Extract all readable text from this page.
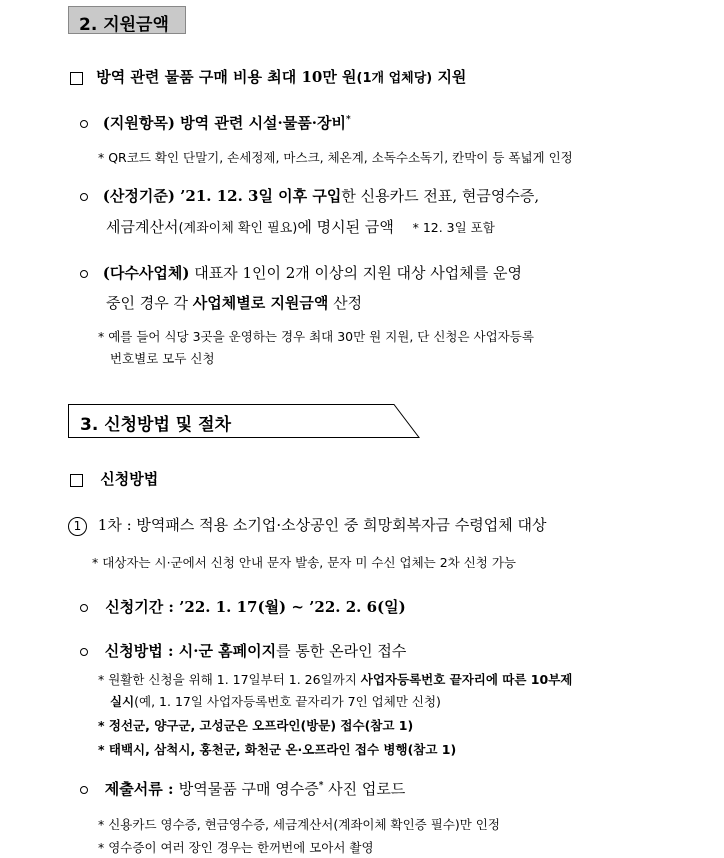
2. 지원금액
방역 관련 물품 구매 비용 최대 10만 원(1개 업체당) 지원
(지원항목) 방역 관련 시설·물품·장비*
* QR코드 확인 단말기, 손세정제, 마스크, 체온계, 소독수소독기, 칸막이 등 폭넓게 인정
(산정기준) ’21. 12. 3일 이후 구입한 신용카드 전표, 현금영수증,
세금계산서(계좌이체 확인 필요)에 명시된 금액 * 12. 3일 포함
(다수사업체) 대표자 1인이 2개 이상의 지원 대상 사업체를 운영
중인 경우 각 사업체별로 지원금액 산정
* 예를 들어 식당 3곳을 운영하는 경우 최대 30만 원 지원, 단 신청은 사업자등록
번호별로 모두 신청
3. 신청방법 및 절차
신청방법
1 1차 : 방역패스 적용 소기업·소상공인 중 희망회복자금 수령업체 대상
* 대상자는 시·군에서 신청 안내 문자 발송, 문자 미 수신 업체는 2차 신청 가능
신청기간 : ’22. 1. 17(월) ~ ’22. 2. 6(일)
신청방법 : 시·군 홈페이지를 통한 온라인 접수
* 원활한 신청을 위해 1. 17일부터 1. 26일까지 사업자등록번호 끝자리에 따른 10부제
실시(예, 1. 17일 사업자등록번호 끝자리가 7인 업체만 신청)
* 정선군, 양구군, 고성군은 오프라인(방문) 접수(참고 1)
* 태백시, 삼척시, 홍천군, 화천군 온·오프라인 접수 병행(참고 1)
제출서류 : 방역물품 구매 영수증* 사진 업로드
* 신용카드 영수증, 현금영수증, 세금계산서(계좌이체 확인증 필수)만 인정
* 영수증이 여러 장인 경우는 한꺼번에 모아서 촬영
